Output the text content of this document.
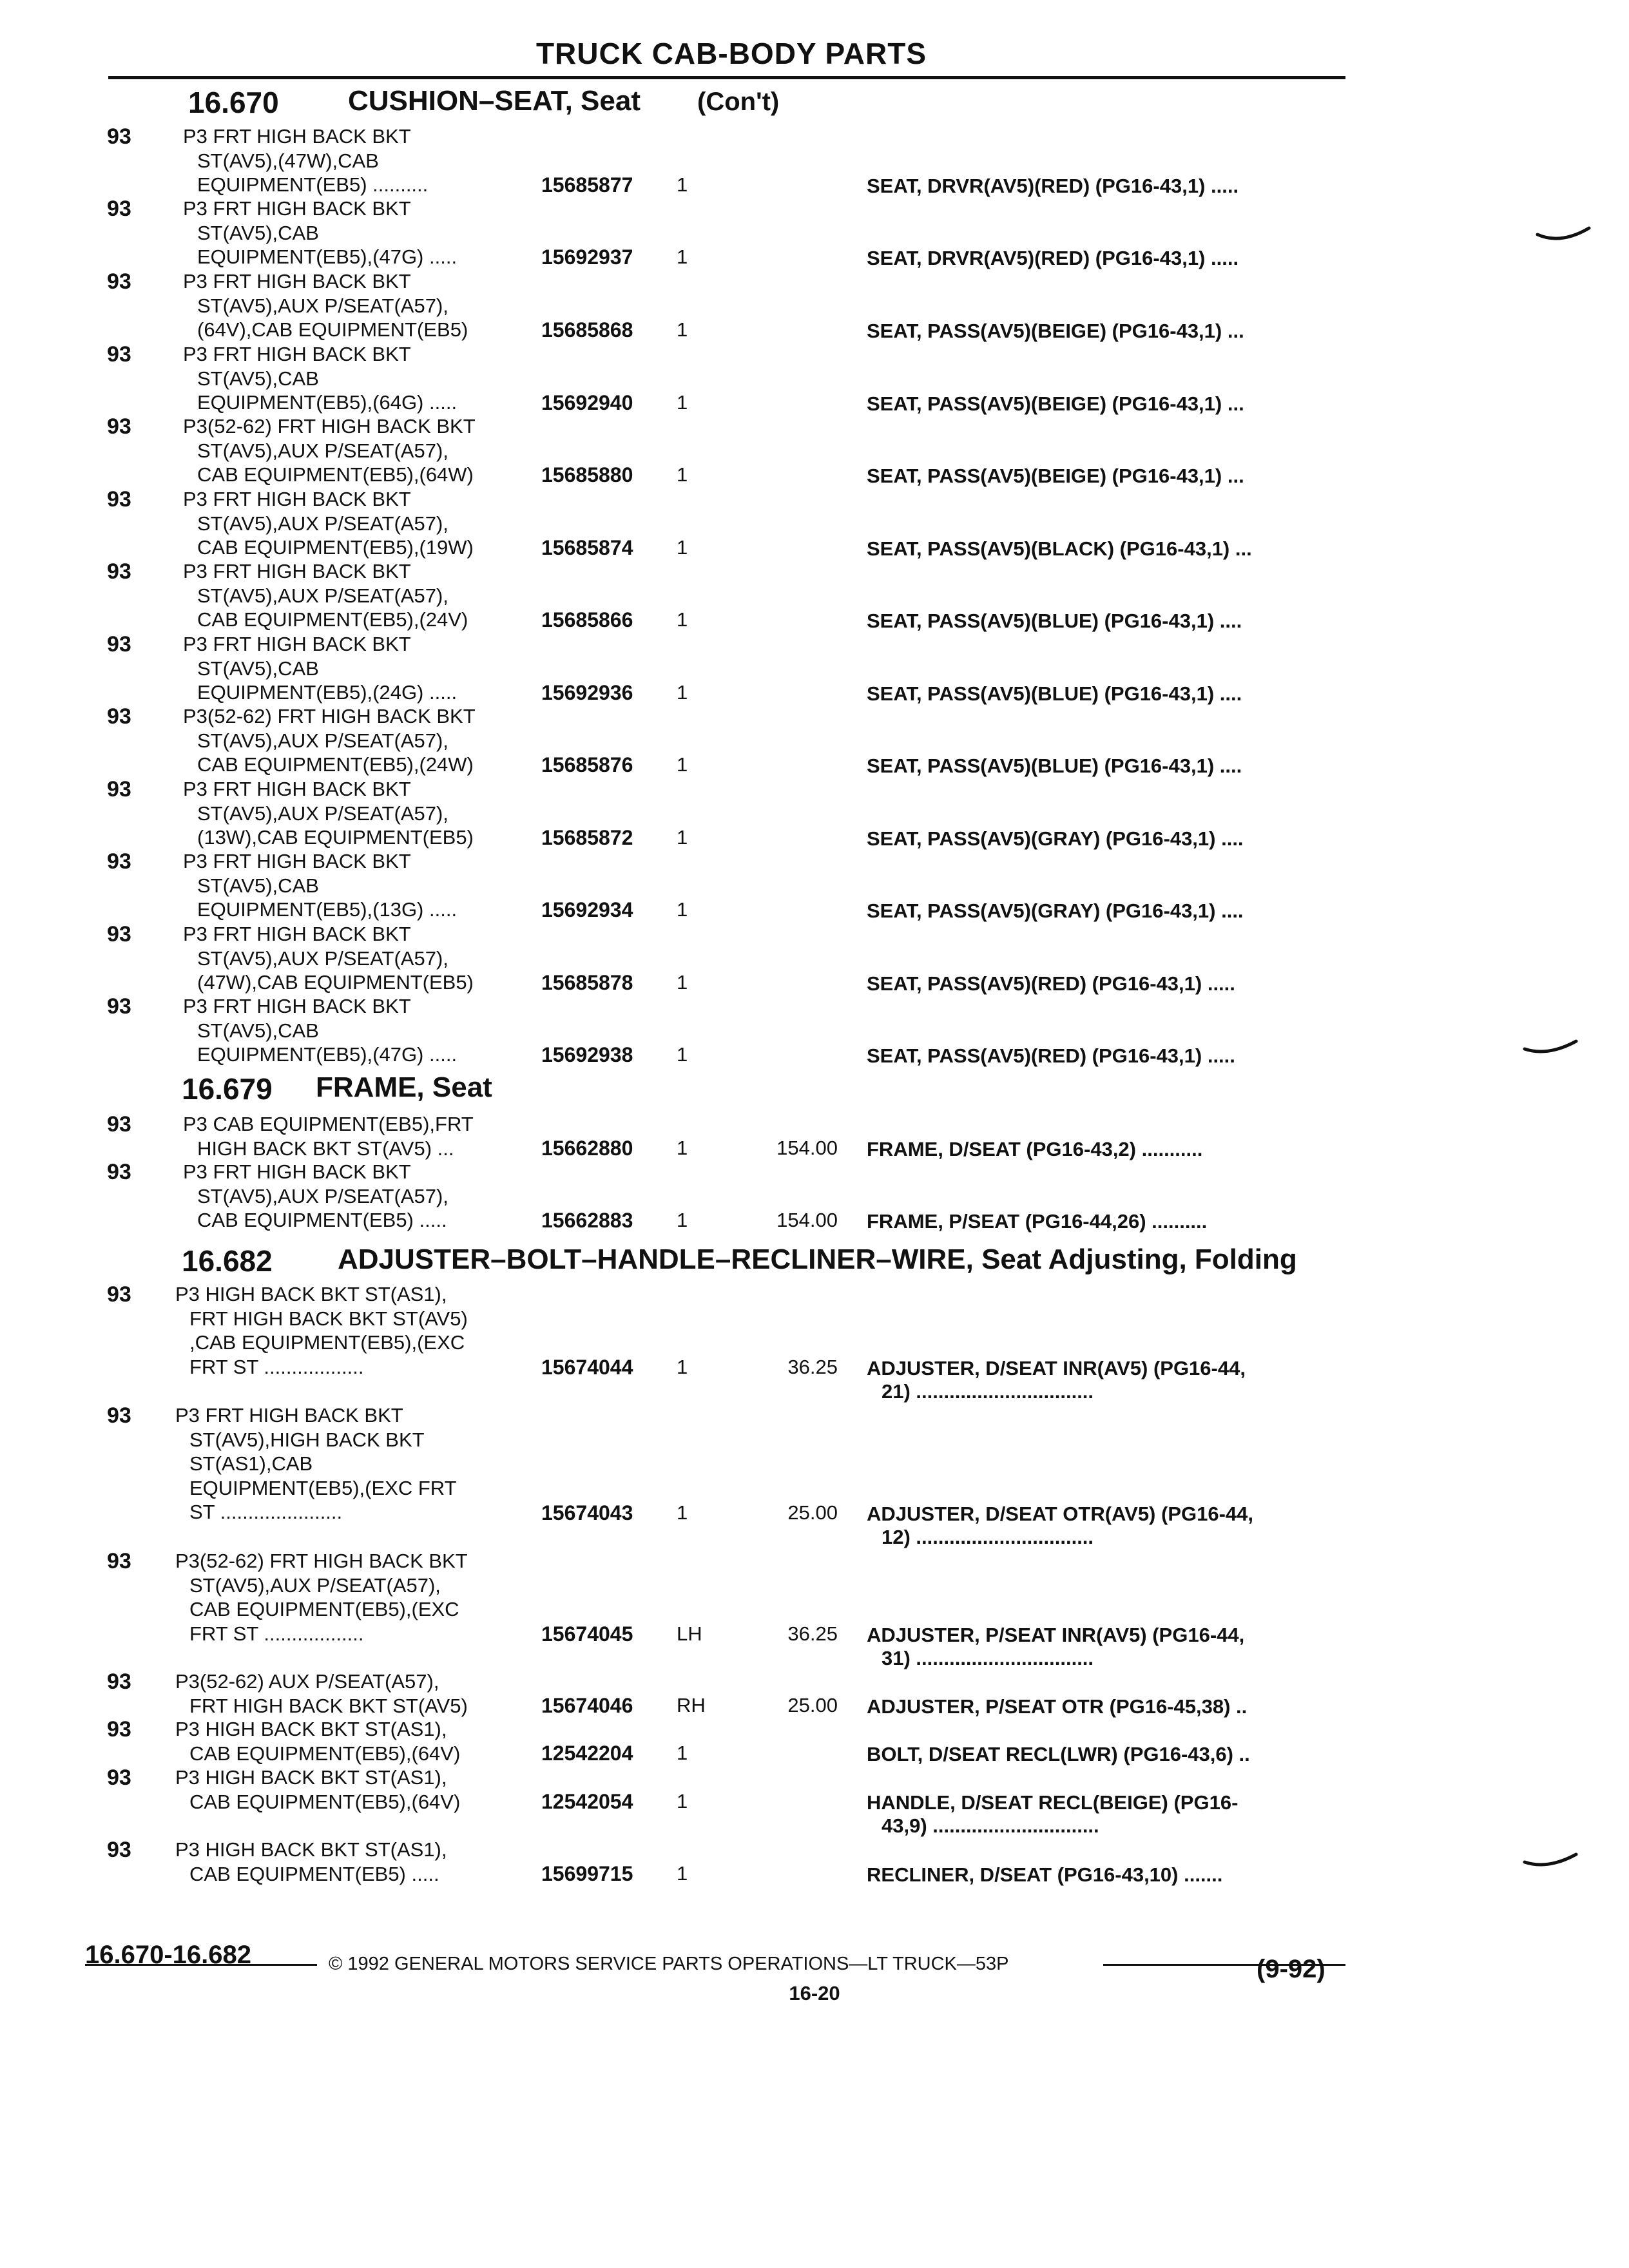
TRUCK CAB-BODY PARTS
16.670 CUSHION–SEAT, Seat (Con't)
93	P3 FRT HIGH BACK BKT
ST(AV5),(47W),CAB
EQUIPMENT(EB5) ..........	15685877 1	SEAT, DRVR(AV5)(RED) (PG16-43,1) .....
93	P3 FRT HIGH BACK BKT
ST(AV5),CAB
EQUIPMENT(EB5),(47G) .....	15692937 1	SEAT, DRVR(AV5)(RED) (PG16-43,1) .....
93	P3 FRT HIGH BACK BKT
ST(AV5),AUX P/SEAT(A57),
(64V),CAB EQUIPMENT(EB5)	15685868 1	SEAT, PASS(AV5)(BEIGE) (PG16-43,1) ...
93	P3 FRT HIGH BACK BKT
ST(AV5),CAB
EQUIPMENT(EB5),(64G) .....	15692940 1	SEAT, PASS(AV5)(BEIGE) (PG16-43,1) ...
93	P3(52-62) FRT HIGH BACK BKT
ST(AV5),AUX P/SEAT(A57),
CAB EQUIPMENT(EB5),(64W)	15685880 1	SEAT, PASS(AV5)(BEIGE) (PG16-43,1) ...
93	P3 FRT HIGH BACK BKT
ST(AV5),AUX P/SEAT(A57),
CAB EQUIPMENT(EB5),(19W)	15685874 1	SEAT, PASS(AV5)(BLACK) (PG16-43,1) ...
93	P3 FRT HIGH BACK BKT
ST(AV5),AUX P/SEAT(A57),
CAB EQUIPMENT(EB5),(24V)	15685866 1	SEAT, PASS(AV5)(BLUE) (PG16-43,1) ....
93	P3 FRT HIGH BACK BKT
ST(AV5),CAB
EQUIPMENT(EB5),(24G) .....	15692936 1	SEAT, PASS(AV5)(BLUE) (PG16-43,1) ....
93	P3(52-62) FRT HIGH BACK BKT
ST(AV5),AUX P/SEAT(A57),
CAB EQUIPMENT(EB5),(24W)	15685876 1	SEAT, PASS(AV5)(BLUE) (PG16-43,1) ....
93	P3 FRT HIGH BACK BKT
ST(AV5),AUX P/SEAT(A57),
(13W),CAB EQUIPMENT(EB5)	15685872 1	SEAT, PASS(AV5)(GRAY) (PG16-43,1) ....
93	P3 FRT HIGH BACK BKT
ST(AV5),CAB
EQUIPMENT(EB5),(13G) .....	15692934 1	SEAT, PASS(AV5)(GRAY) (PG16-43,1) ....
93	P3 FRT HIGH BACK BKT
ST(AV5),AUX P/SEAT(A57),
(47W),CAB EQUIPMENT(EB5)	15685878 1	SEAT, PASS(AV5)(RED) (PG16-43,1) .....
93	P3 FRT HIGH BACK BKT
ST(AV5),CAB
EQUIPMENT(EB5),(47G) .....	15692938 1	SEAT, PASS(AV5)(RED) (PG16-43,1) .....
16.679 FRAME, Seat
93	P3 CAB EQUIPMENT(EB5),FRT
HIGH BACK BKT ST(AV5) ...	15662880 1	154.00 FRAME, D/SEAT (PG16-43,2) ...........
93	P3 FRT HIGH BACK BKT
ST(AV5),AUX P/SEAT(A57),
CAB EQUIPMENT(EB5) .....	15662883 1	154.00 FRAME, P/SEAT (PG16-44,26) ..........
16.682 ADJUSTER–BOLT–HANDLE–RECLINER–WIRE, Seat Adjusting, Folding
93 P3 HIGH BACK BKT ST(AS1),
FRT HIGH BACK BKT ST(AV5)
,CAB EQUIPMENT(EB5),(EXC
FRT ST ..................	15674044 1	36.25 ADJUSTER, D/SEAT INR(AV5) (PG16-44,
21) ................................
93 P3 FRT HIGH BACK BKT
ST(AV5),HIGH BACK BKT
ST(AS1),CAB
EQUIPMENT(EB5),(EXC FRT
ST ......................	15674043 1	25.00 ADJUSTER, D/SEAT OTR(AV5) (PG16-44,
12) ................................
93 P3(52-62) FRT HIGH BACK BKT
ST(AV5),AUX P/SEAT(A57),
CAB EQUIPMENT(EB5),(EXC
FRT ST ..................	15674045 LH	36.25 ADJUSTER, P/SEAT INR(AV5) (PG16-44,
31) ................................
93 P3(52-62) AUX P/SEAT(A57),
FRT HIGH BACK BKT ST(AV5)	15674046 RH	25.00 ADJUSTER, P/SEAT OTR (PG16-45,38) ..
93 P3 HIGH BACK BKT ST(AS1),
CAB EQUIPMENT(EB5),(64V)	12542204 1	BOLT, D/SEAT RECL(LWR) (PG16-43,6) ..
93 P3 HIGH BACK BKT ST(AS1),
CAB EQUIPMENT(EB5),(64V)	12542054 1	HANDLE, D/SEAT RECL(BEIGE) (PG16-
43,9) ..............................
93 P3 HIGH BACK BKT ST(AS1),
CAB EQUIPMENT(EB5) .....	15699715 1	RECLINER, D/SEAT (PG16-43,10) .......
16.670-16.682	© 1992 GENERAL MOTORS SERVICE PARTS OPERATIONS—LT TRUCK—53P
16-20
(9-92)
